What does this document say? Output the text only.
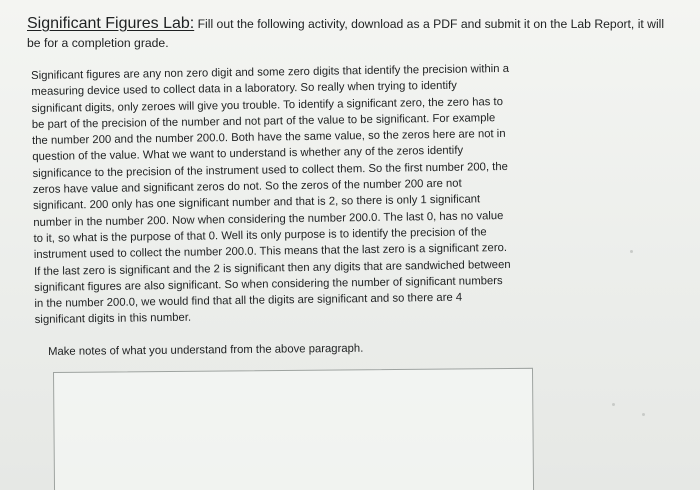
Significant Figures Lab: Fill out the following activity, download as a PDF and submit it on the Lab Report, it will be for a completion grade.

Significant figures are any non zero digit and some zero digits that identify the precision within a
measuring device used to collect data in a laboratory. So really when trying to identify
significant digits, only zeroes will give you trouble. To identify a significant zero, the zero has to
be part of the precision of the number and not part of the value to be significant. For example
the number 200 and the number 200.0. Both have the same value, so the zeros here are not in
question of the value. What we want to understand is whether any of the zeros identify
significance to the precision of the instrument used to collect them. So the first number 200, the
zeros have value and significant zeros do not. So the zeros of the number 200 are not
significant. 200 only has one significant number and that is 2, so there is only 1 significant
number in the number 200. Now when considering the number 200.0. The last 0, has no value
to it, so what is the purpose of that 0. Well its only purpose is to identify the precision of the
instrument used to collect the number 200.0. This means that the last zero is a significant zero.
If the last zero is significant and the 2 is significant then any digits that are sandwiched between
significant figures are also significant. So when considering the number of significant numbers
in the number 200.0, we would find that all the digits are significant and so there are 4
significant digits in this number.

Make notes of what you understand from the above paragraph.
